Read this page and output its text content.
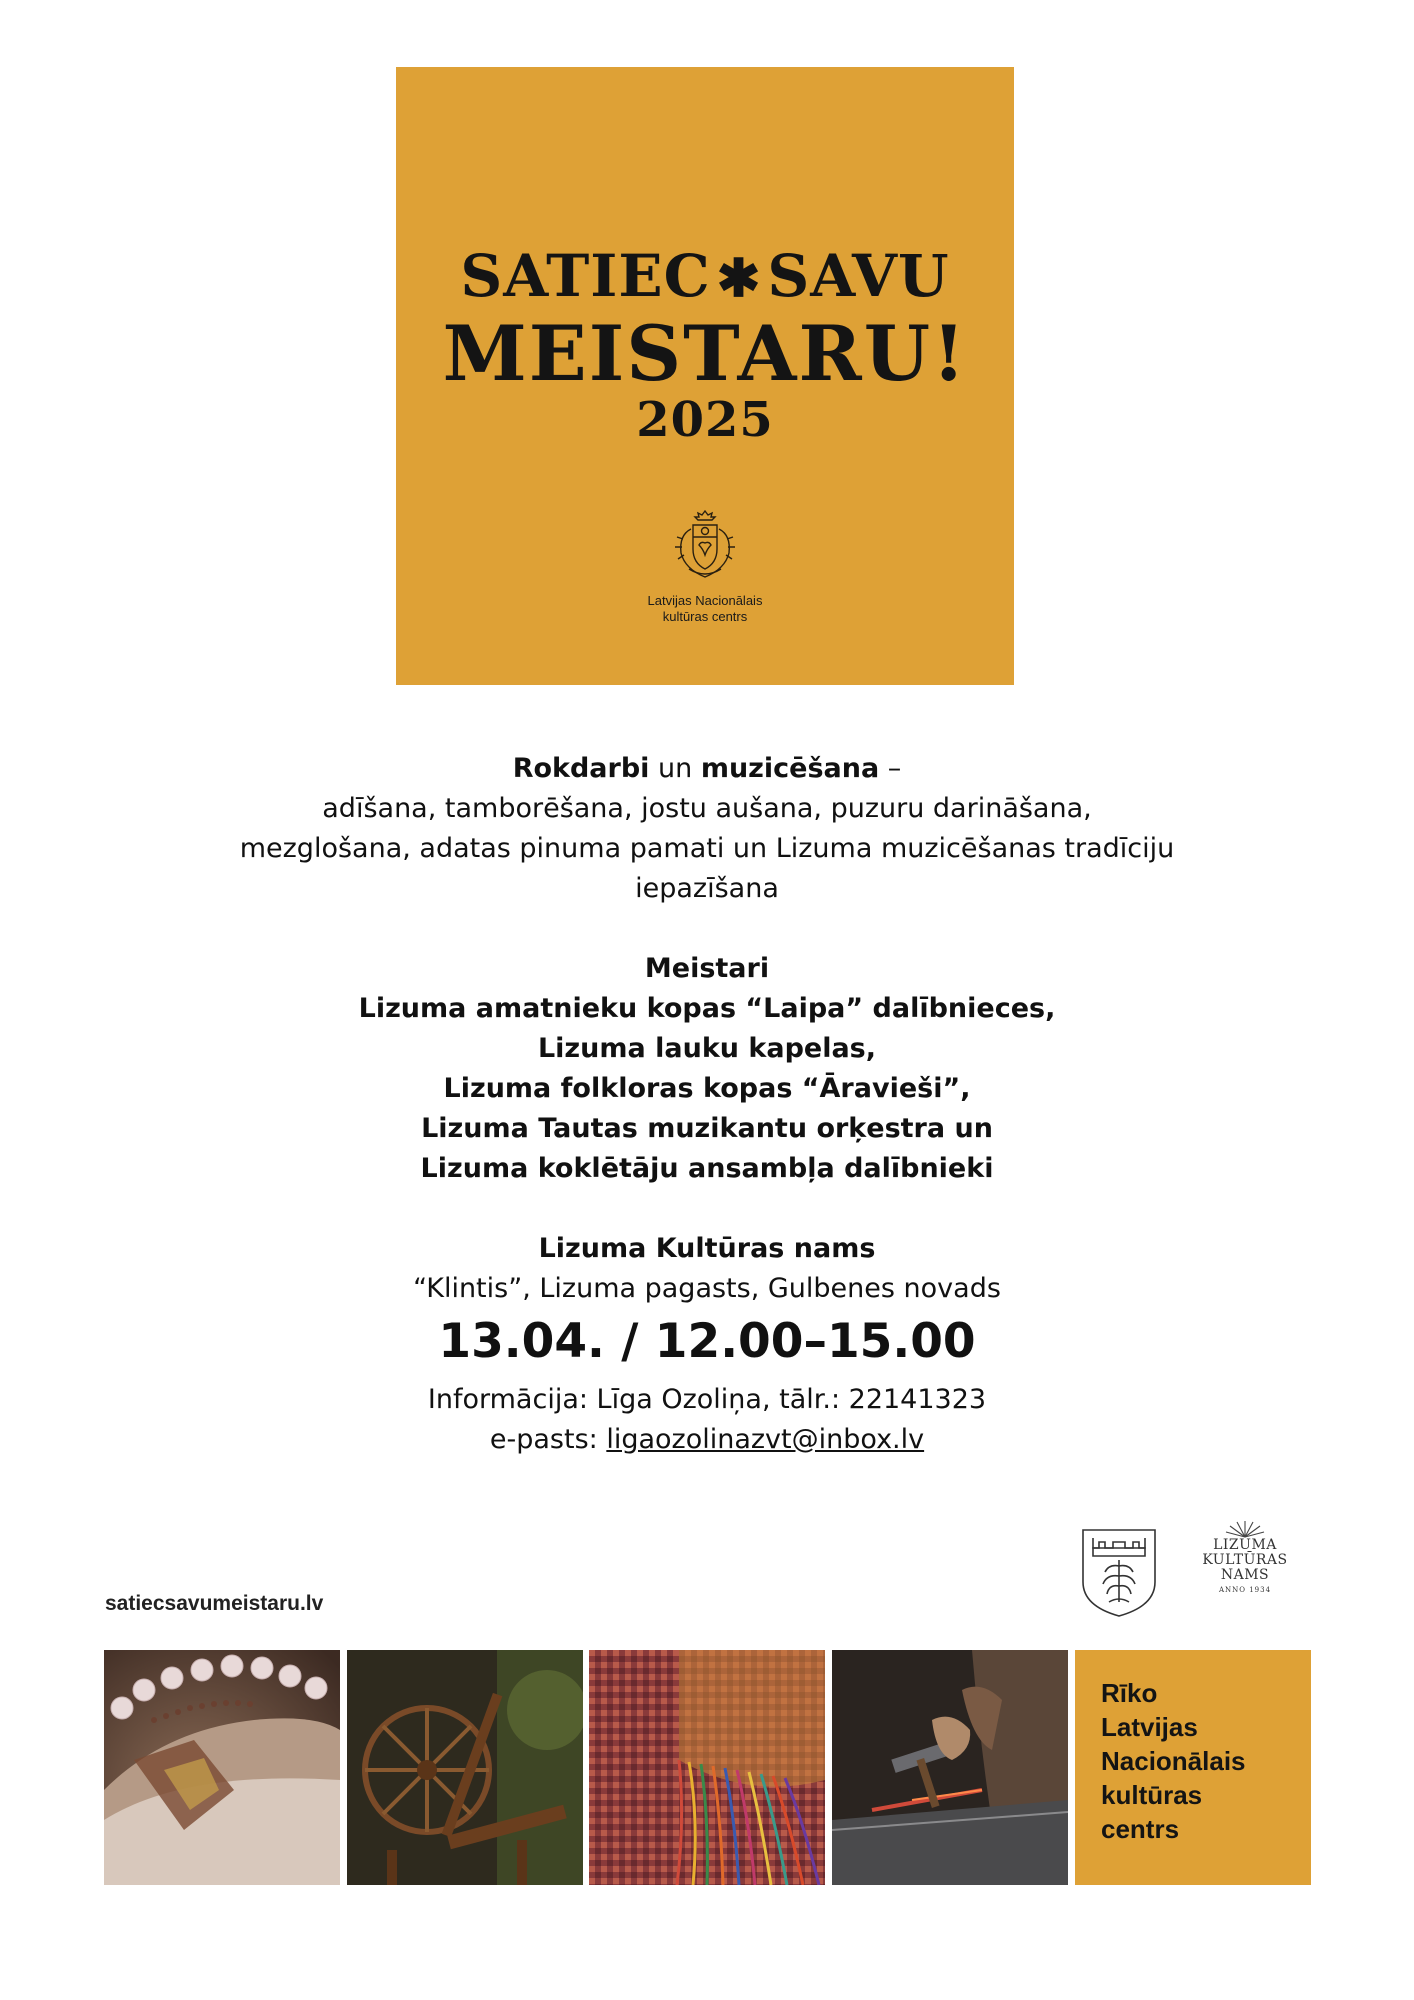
SATIEC ✱ SAVU
MEISTARU!
2025
Latvijas Nacionālais
kultūras centrs
Rokdarbi un muzicēšana –
adīšana, tamborēšana, jostu aušana, puzuru darināšana,
mezglošana, adatas pinuma pamati un Lizuma muzicēšanas tradīciju
iepazīšana
Meistari
Lizuma amatnieku kopas “Laipa” dalībnieces,
Lizuma lauku kapelas,
Lizuma folkloras kopas “Āravieši”,
Lizuma Tautas muzikantu orķestra un
Lizuma koklētāju ansambļa dalībnieki
Lizuma Kultūras nams
“Klintis”, Lizuma pagasts, Gulbenes novads
13.04. / 12.00–15.00
Informācija: Līga Ozoliņa, tālr.: 22141323
e-pasts: ligaozolinazvt@inbox.lv
satiecsavumeistaru.lv
LIZUMA
KULTŪRAS
NAMS
ANNO 1934
Rīko
Latvijas
Nacionālais
kultūras
centrs
